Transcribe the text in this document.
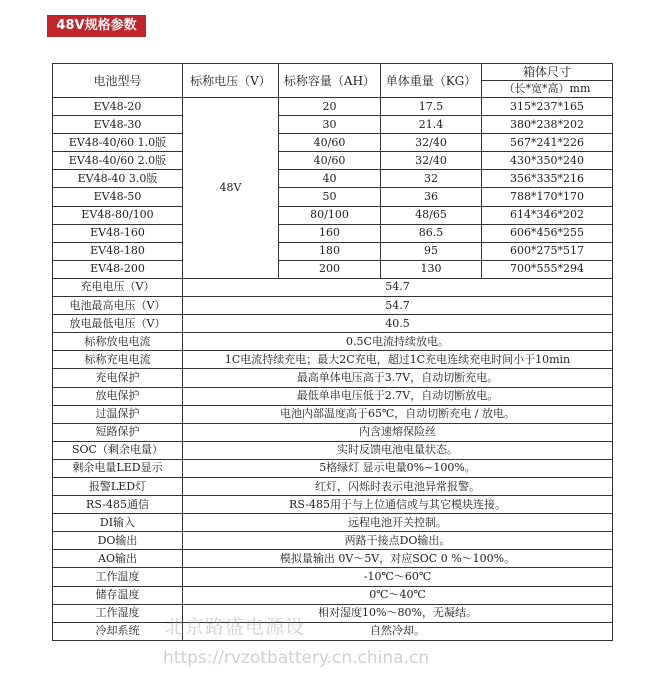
48V规格参数
电池型号	标称电压（V）	标称容量（AH）	单体重量（KG）	箱体尺寸
（长*宽*高）mm

EV48-20	48V	20	17.5	315*237*165
EV48-30		30	21.4	380*238*202
EV48-40/60 1.0版		40/60	32/40	567*241*226
EV48-40/60 2.0版		40/60	32/40	430*350*240
EV48-40 3.0版		40	32	356*335*216
EV48-50		50	36	788*170*170
EV48-80/100		80/100	48/65	614*346*202
EV48-160		160	86.5	606*456*255
EV48-180		180	95	600*275*517
EV48-200		200	130	700*555*294
充电电压（V）	54.7			
电池最高电压（V）	54.7			
放电最低电压（V）	40.5			
标称放电电流	0.5C电流持续放电。			
标称充电电流	1C电流持续充电；最大2C充电，超过1C充电连续充电时间小于10min			
充电保护	最高单体电压高于3.7V，自动切断充电。			
放电保护	最低单串电压低于2.7V，自动切断放电。			
过温保护	电池内部温度高于65℃，自动切断充电 / 放电。			
短路保护	内含速熔保险丝			
SOC（剩余电量）	实时反馈电池电量状态。			
剩余电量LED显示	5格绿灯 显示电量0%~100%。			
报警LED灯	红灯，闪烁时表示电池异常报警。			
RS-485通信	RS-485用于与上位通信或与其它模块连接。			
DI输入	远程电池开关控制。			
DO输出	两路干接点DO输出。			
AO输出	模拟量输出 0V～5V，对应SOC 0 %～100%。			
工作温度	-10℃～60℃			
储存温度	0℃～40℃			
工作湿度	相对湿度10%～80%，无凝结。			
冷却系统	自然冷却。			
北京路盛电源设
https://rvzotbattery.cn.china.cn
